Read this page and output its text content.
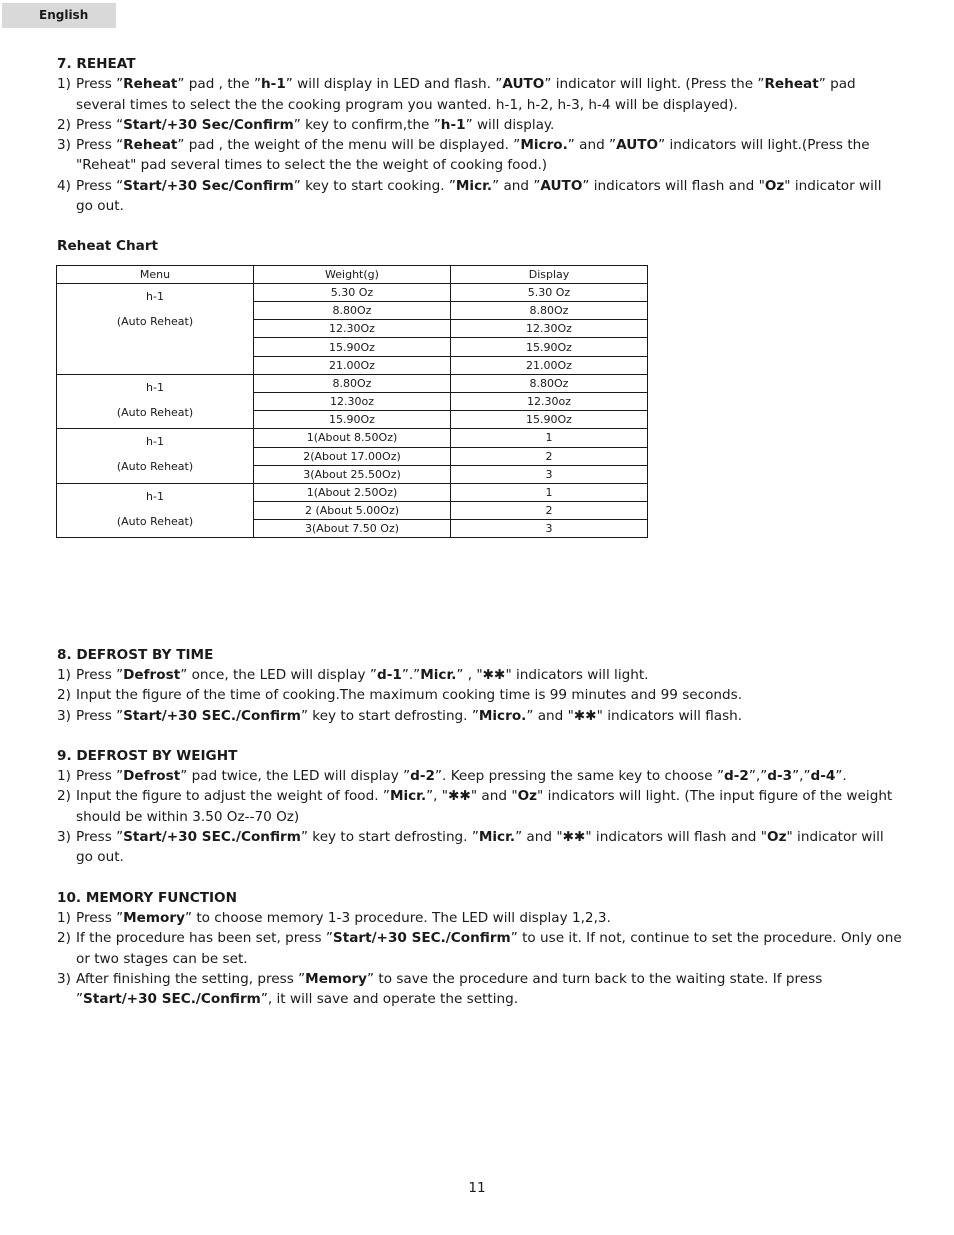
English
7. REHEAT
1) Press ”Reheat” pad , the ”h-1” will display in LED and flash. ”AUTO” indicator will light. (Press the ”Reheat” pad several times to select the the cooking program you wanted. h-1, h-2, h-3, h-4 will be displayed).
2) Press “Start/+30 Sec/Confirm” key to confirm,the ”h-1” will display.
3) Press “Reheat” pad , the weight of the menu will be displayed. ”Micro.” and ”AUTO” indicators will light.(Press the "Reheat" pad several times to select the the weight of cooking food.)
4) Press “Start/+30 Sec/Confirm” key to start cooking. ”Micr.” and ”AUTO” indicators will flash and "Oz" indicator will go out.
Reheat Chart
8. DEFROST BY TIME
1) Press ”Defrost” once, the LED will display ”d-1”.”Micr.” , "✱✱" indicators will light.
2) Input the figure of the time of cooking.The maximum cooking time is 99 minutes and 99 seconds.
3) Press ”Start/+30 SEC./Confirm” key to start defrosting. ”Micro.” and "✱✱" indicators will flash.
9. DEFROST BY WEIGHT
1) Press ”Defrost” pad twice, the LED will display ”d-2”. Keep pressing the same key to choose ”d-2”,”d-3”,”d-4”.
2) Input the figure to adjust the weight of food. ”Micr.”, "✱✱" and "Oz" indicators will light. (The input figure of the weight should be within 3.50 Oz--70 Oz)
3) Press ”Start/+30 SEC./Confirm” key to start defrosting. ”Micr.” and "✱✱" indicators will flash and "Oz" indicator will go out.
10. MEMORY FUNCTION
1) Press ”Memory” to choose memory 1-3 procedure. The LED will display 1,2,3.
2) If the procedure has been set, press ”Start/+30 SEC./Confirm” to use it. If not, continue to set the procedure. Only one or two stages can be set.
3) After finishing the setting, press ”Memory” to save the procedure and turn back to the waiting state. If press ”Start/+30 SEC./Confirm”, it will save and operate the setting.
Menu	Weight(g)	Display

h-1
(Auto Reheat)	5.30 Oz	5.30 Oz
	8.80Oz	8.80Oz
	12.30Oz	12.30Oz
	15.90Oz	15.90Oz
	21.00Oz	21.00Oz

h-1
(Auto Reheat)	8.80Oz	8.80Oz
	12.30oz	12.30oz
	15.90Oz	15.90Oz

h-1
(Auto Reheat)	1(About 8.50Oz)	1
	2(About 17.00Oz)	2
	3(About 25.50Oz)	3

h-1
(Auto Reheat)	1(About 2.50Oz)	1
	2 (About 5.00Oz)	2
	3(About 7.50 Oz)	3
11
